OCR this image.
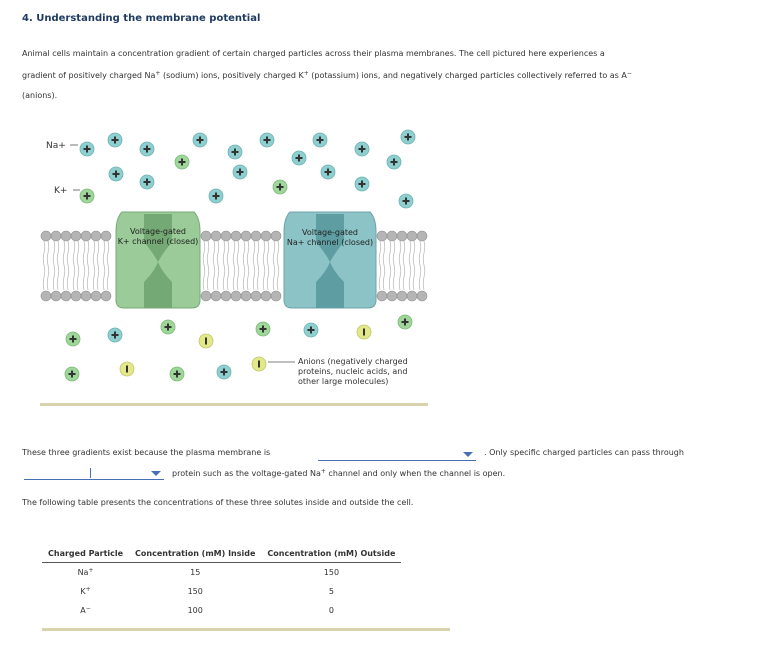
4. Understanding the membrane potential

Animal cells maintain a concentration gradient of certain charged particles across their plasma membranes. The cell pictured here experiences a

gradient of positively charged Na+ (sodium) ions, positively charged K+ (potassium) ions, and negatively charged particles collectively referred to as A−

(anions).

Voltage-gated
K+ channel (closed)
Voltage-gated
Na+ channel (closed)
Na+
K+
Anions (negatively charged
proteins, nucleic acids, and
other large molecules)
These three gradients exist because the plasma membrane is	. Only specific charged particles can pass through
protein such as the voltage-gated Na+ channel and only when the channel is open.
The following table presents the concentrations of these three solutes inside and outside the cell.
Charged Particle	Concentration (mM) Inside	Concentration (mM) Outside
Na+	15	150
K+	150	5
A−	100	0
